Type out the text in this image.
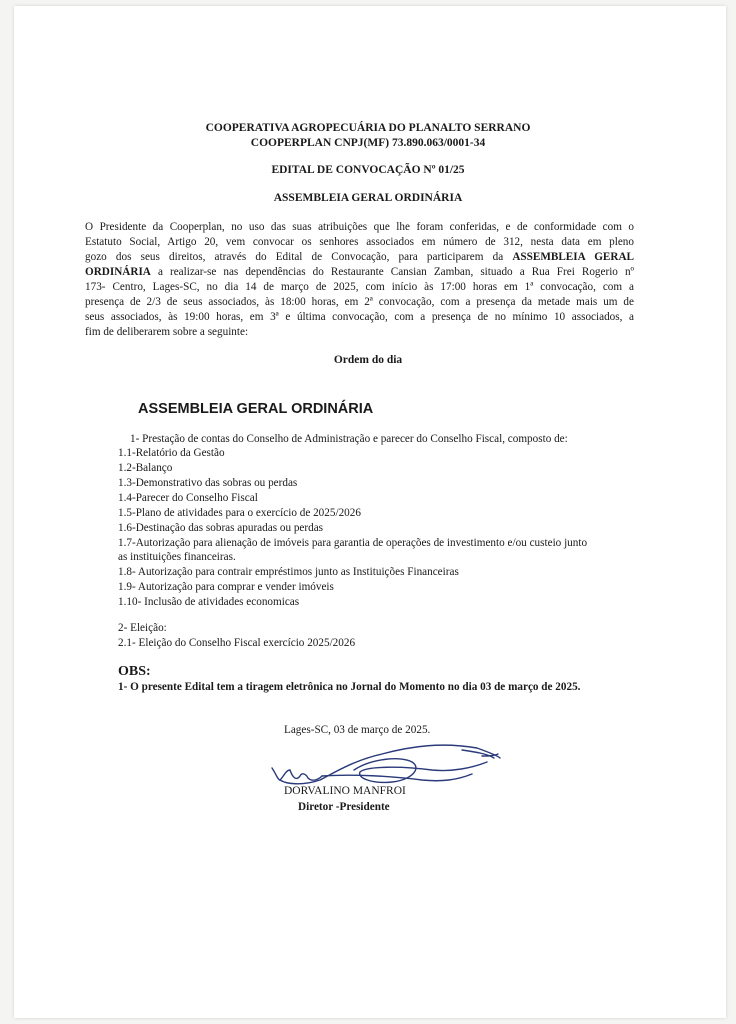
COOPERATIVA AGROPECUÁRIA DO PLANALTO SERRANO
COOPERPLAN CNPJ(MF) 73.890.063/0001-34
EDITAL DE CONVOCAÇÃO Nº 01/25
ASSEMBLEIA GERAL ORDINÁRIA
O Presidente da Cooperplan, no uso das suas atribuições que lhe foram conferidas, e de conformidade com o
Estatuto Social, Artigo 20, vem convocar os senhores associados em número de 312, nesta data em pleno
gozo dos seus direitos, através do Edital de Convocação, para participarem da ASSEMBLEIA GERAL
ORDINÁRIA a realizar-se nas dependências do Restaurante Cansian Zamban, situado a Rua Frei Rogerio nº
173- Centro, Lages-SC, no dia 14 de março de 2025, com início às 17:00 horas em 1ª convocação, com a
presença de 2/3 de seus associados, às 18:00 horas, em 2ª convocação, com a presença da metade mais um de
seus associados, às 19:00 horas, em 3ª e última convocação, com a presença de no mínimo 10 associados, a
fim de deliberarem sobre a seguinte:
Ordem do dia
ASSEMBLEIA GERAL ORDINÁRIA
1- Prestação de contas do Conselho de Administração e parecer do Conselho Fiscal, composto de:
1.1-Relatório da Gestão
1.2-Balanço
1.3-Demonstrativo das sobras ou perdas
1.4-Parecer do Conselho Fiscal
1.5-Plano de atividades para o exercício de 2025/2026
1.6-Destinação das sobras apuradas ou perdas
1.7-Autorização para alienação de imóveis para garantia de operações de investimento e/ou custeio junto
as instituições financeiras.
1.8- Autorização para contrair empréstimos junto as Instituições Financeiras
1.9- Autorização para comprar e vender imóveis
1.10- Inclusão de atividades economicas
2- Eleição:
2.1- Eleição do Conselho Fiscal exercício 2025/2026
OBS:
1- O presente Edital tem a tiragem eletrônica no Jornal do Momento no dia 03 de março de 2025.
Lages-SC, 03 de março de 2025.
DORVALINO MANFROI
Diretor -Presidente
